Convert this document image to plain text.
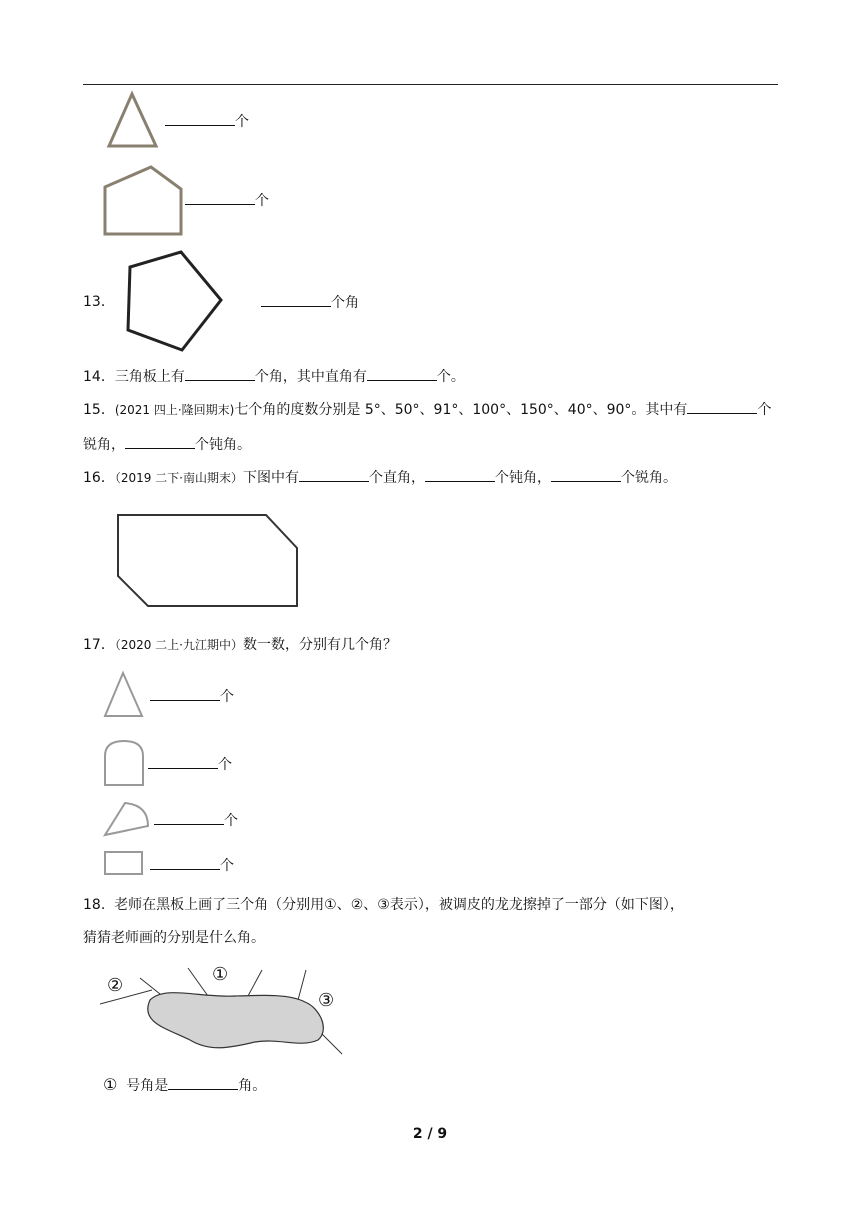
个
个
13．	个角
14．三角板上有	个角，其中直角有	个。
15．(2021 四上·隆回期末)七个角的度数分别是 5°、50°、91°、100°、150°、40°、90°。其中有	个
锐角，	个钝角。
16．（2019 二下·南山期末）下图中有	个直角，	个钝角，	个锐角。
17．（2020 二上·九江期中）数一数，分别有几个角？
个
个
个
个
18. 老师在黑板上画了三个角（分别用①、②、③表示），被调皮的龙龙擦掉了一部分（如下图），
猜猜老师画的分别是什么角。
②
①
③
① 号角是	角。
2 / 9
